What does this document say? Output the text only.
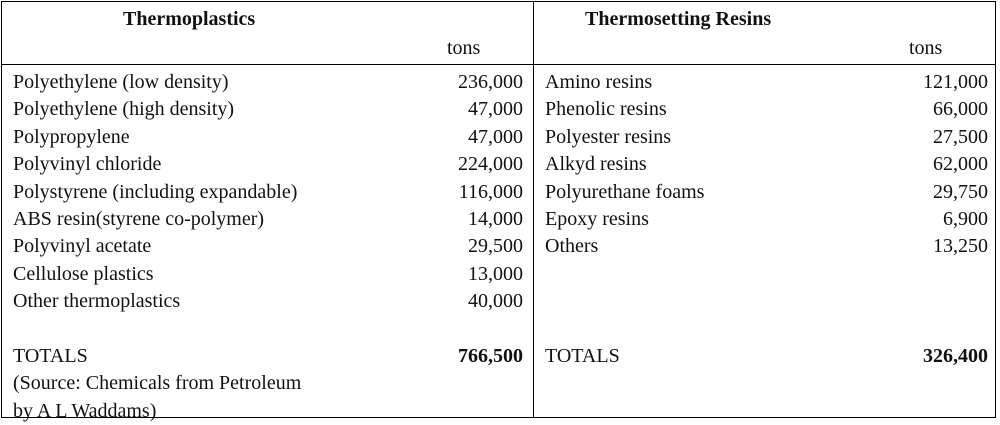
Thermoplastics
tons
Thermosetting Resins
tons
Polyethylene (low density)	236,000
Polyethylene (high density)	47,000
Polypropylene	47,000
Polyvinyl chloride	224,000
Polystyrene (including expandable)	116,000
ABS resin(styrene co-polymer)	14,000
Polyvinyl acetate	29,500
Cellulose plastics	13,000
Other thermoplastics	40,000
TOTALS	766,500
(Source: Chemicals from Petroleum
by A L Waddams)
Amino resins	121,000
Phenolic resins	66,000
Polyester resins	27,500
Alkyd resins	62,000
Polyurethane foams	29,750
Epoxy resins	6,900
Others	13,250
TOTALS	326,400
